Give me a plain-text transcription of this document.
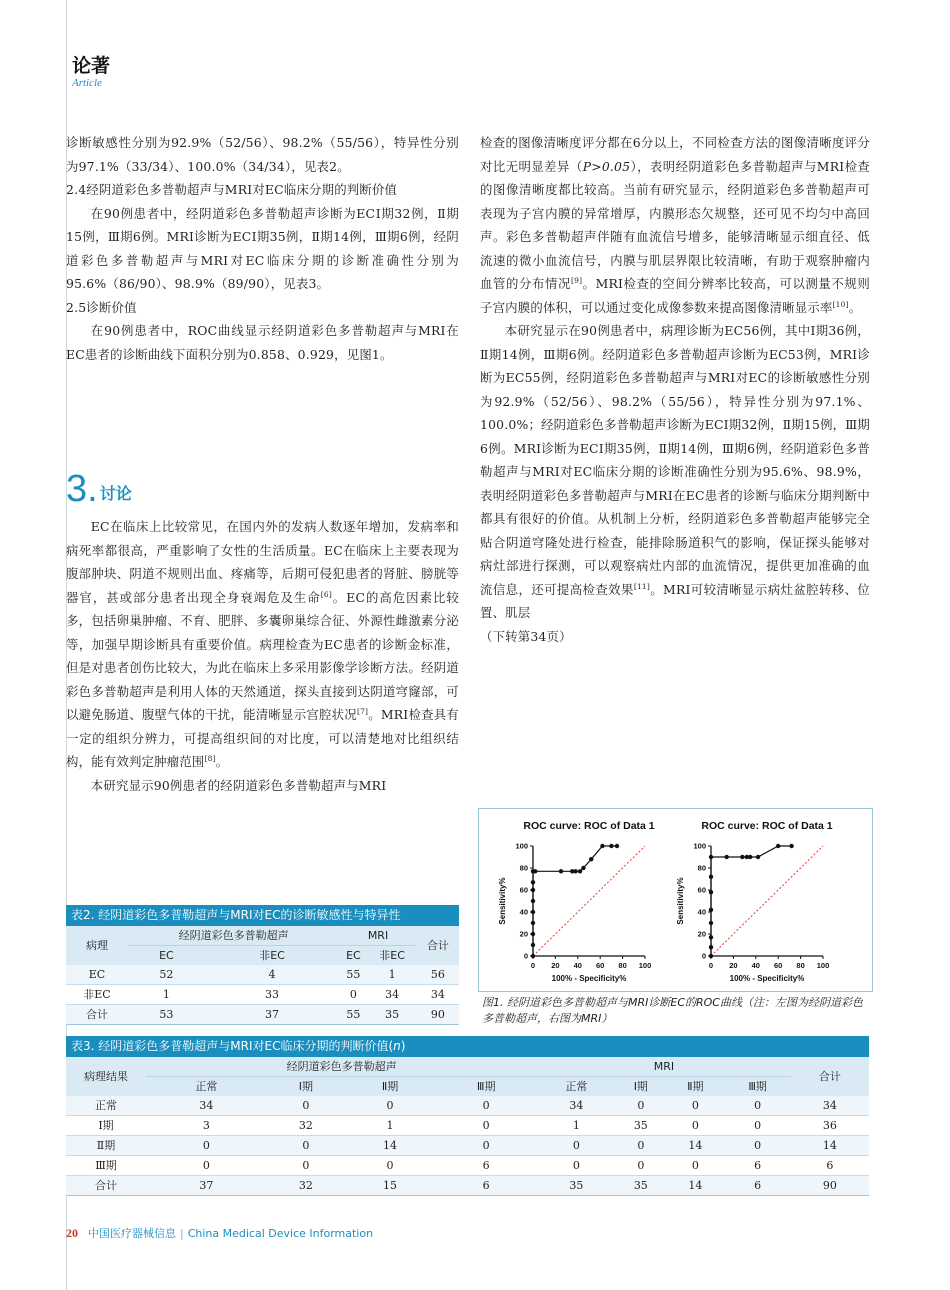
论著
Article

诊断敏感性分别为92.9%（52/56）、98.2%（55/56），特异性分别为97.1%（33/34）、100.0%（34/34），见表2。

2.4经阴道彩色多普勒超声与MRI对EC临床分期的判断价值

在90例患者中，经阴道彩色多普勒超声诊断为ECⅠ期32例，Ⅱ期15例，Ⅲ期6例。MRI诊断为ECⅠ期35例，Ⅱ期14例，Ⅲ期6例，经阴道彩色多普勒超声与MRI对EC临床分期的诊断准确性分别为95.6%（86/90）、98.9%（89/90），见表3。

2.5诊断价值

在90例患者中，ROC曲线显示经阴道彩色多普勒超声与MRI在EC患者的诊断曲线下面积分别为0.858、0.929，见图1。

3 . 讨论

EC在临床上比较常见，在国内外的发病人数逐年增加，发病率和病死率都很高，严重影响了女性的生活质量。EC在临床上主要表现为腹部肿块、阴道不规则出血、疼痛等，后期可侵犯患者的肾脏、膀胱等器官，甚或部分患者出现全身衰竭危及生命[6]。EC的高危因素比较多，包括卵巢肿瘤、不育、肥胖、多囊卵巢综合征、外源性雌激素分泌等，加强早期诊断具有重要价值。病理检查为EC患者的诊断金标准，但是对患者创伤比较大，为此在临床上多采用影像学诊断方法。经阴道彩色多普勒超声是利用人体的天然通道，探头直接到达阴道穹窿部，可以避免肠道、腹壁气体的干扰，能清晰显示宫腔状况[7]。MRI检查具有一定的组织分辨力，可提高组织间的对比度，可以清楚地对比组织结构，能有效判定肿瘤范围[8]。

本研究显示90例患者的经阴道彩色多普勒超声与MRI

检查的图像清晰度评分都在6分以上，不同检查方法的图像清晰度评分对比无明显差异（P>0.05），表明经阴道彩色多普勒超声与MRI检查的图像清晰度都比较高。当前有研究显示，经阴道彩色多普勒超声可表现为子宫内膜的异常增厚，内膜形态欠规整，还可见不均匀中高回声。彩色多普勒超声伴随有血流信号增多，能够清晰显示细直径、低流速的微小血流信号，内膜与肌层界限比较清晰，有助于观察肿瘤内血管的分布情况[9]。MRI检查的空间分辨率比较高，可以测量不规则子宫内膜的体积，可以通过变化成像参数来提高图像清晰显示率[10]。

本研究显示在90例患者中，病理诊断为EC56例，其中Ⅰ期36例，Ⅱ期14例，Ⅲ期6例。经阴道彩色多普勒超声诊断为EC53例，MRI诊断为EC55例，经阴道彩色多普勒超声与MRI对EC的诊断敏感性分别为92.9%（52/56）、98.2%（55/56），特异性分别为97.1%、100.0%；经阴道彩色多普勒超声诊断为ECⅠ期32例，Ⅱ期15例，Ⅲ期6例。MRI诊断为ECⅠ期35例，Ⅱ期14例，Ⅲ期6例，经阴道彩色多普勒超声与MRI对EC临床分期的诊断准确性分别为95.6%、98.9%，表明经阴道彩色多普勒超声与MRI在EC患者的诊断与临床分期判断中都具有很好的价值。从机制上分析，经阴道彩色多普勒超声能够完全贴合阴道穹隆处进行检查，能排除肠道积气的影响，保证探头能够对病灶部进行探测，可以观察病灶内部的血流情况，提供更加准确的血流信息，还可提高检查效果[11]。MRI可较清晰显示病灶盆腔转移、位置、肌层

（下转第34页）

表2. 经阴道彩色多普勒超声与MRI对EC的诊断敏感性与特异性
病理	经阴道彩色多普勒超声		MRI		合计
	EC	非EC	EC	非EC	
EC	52	4	55	1	56
非EC	1	33	0	34	34
合计	53	37	55	35	90
ROC curve: ROC of Data 1
0 20 40 60 80 100
0
20
40
60
80
100
100% - Specificity%
Sensitivity%
ROC curve: ROC of Data 1
0 20 40 60 80 100
0
20
40
60
80
100
100% - Specificity%
Sensitivity%
图1. 经阴道彩色多普勒超声与MRI诊断EC的ROC曲线（注：左图为经阴道彩色多普勒超声，右图为MRI）
表3. 经阴道彩色多普勒超声与MRI对EC临床分期的判断价值(n)
病理结果	经阴道彩色多普勒超声				MRI				合计
	正常	Ⅰ期	Ⅱ期	Ⅲ期	正常	Ⅰ期	Ⅱ期	Ⅲ期	
正常	34	0	0	0	34	0	0	0	34
Ⅰ期	3	32	1	0	1	35	0	0	36
Ⅱ期	0	0	14	0	0	0	14	0	14
Ⅲ期	0	0	0	6	0	0	0	6	6
合计	37	32	15	6	35	35	14	6	90
20 中国医疗器械信息 | China Medical Device Information
